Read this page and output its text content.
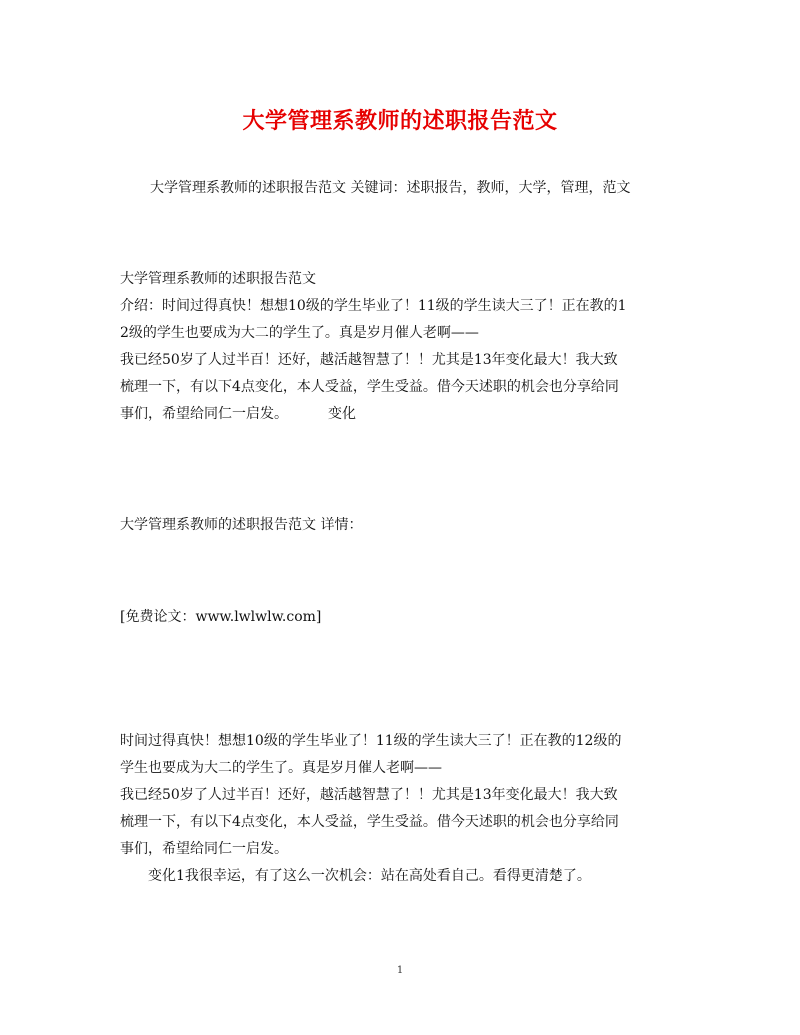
大学管理系教师的述职报告范文
大学管理系教师的述职报告范文 关键词：述职报告，教师，大学，管理，范文
大学管理系教师的述职报告范文
介绍：时间过得真快！想想10级的学生毕业了！11级的学生读大三了！正在教的1
2级的学生也要成为大二的学生了。真是岁月催人老啊——
我已经50岁了人过半百！还好，越活越智慧了！！尤其是13年变化最大！我大致
梳理一下，有以下4点变化，本人受益，学生受益。借今天述职的机会也分享给同
事们，希望给同仁一启发。	变化
大学管理系教师的述职报告范文 详情：
[免费论文：www.lwlwlw.com]
时间过得真快！想想10级的学生毕业了！11级的学生读大三了！正在教的12级的
学生也要成为大二的学生了。真是岁月催人老啊——
我已经50岁了人过半百！还好，越活越智慧了！！尤其是13年变化最大！我大致
梳理一下，有以下4点变化，本人受益，学生受益。借今天述职的机会也分享给同
事们，希望给同仁一启发。
变化1我很幸运，有了这么一次机会：站在高处看自己。看得更清楚了。
1
